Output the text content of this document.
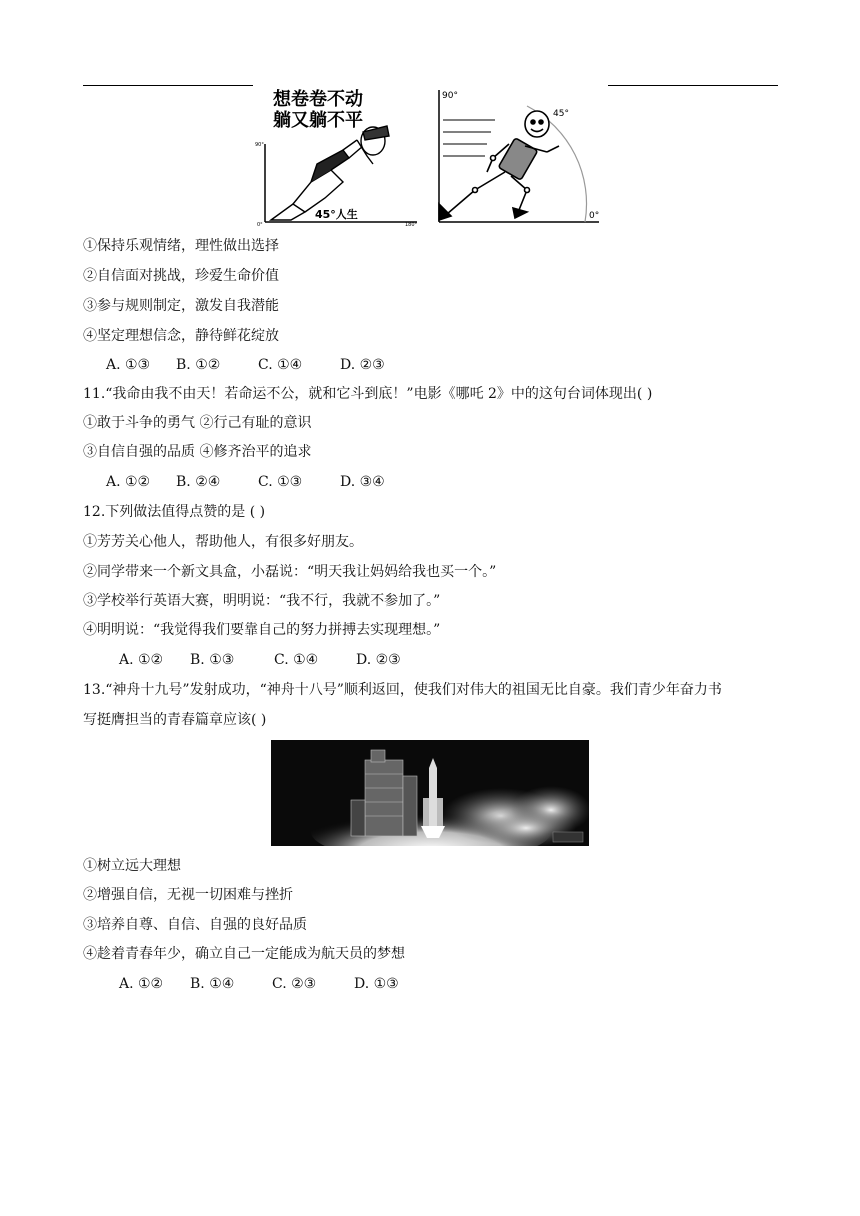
想卷卷不动
躺又躺不平
90°
0°	180°
45°人生
90°
45°
0°
①保持乐观情绪，理性做出选择
②自信面对挑战，珍爱生命价值
③参与规则制定，激发自我潜能
④坚定理想信念，静待鲜花绽放
A. ①③ B. ①②	C. ①④	D. ②③
11.“我命由我不由天！若命运不公，就和它斗到底！”电影《哪吒 2》中的这句台词体现出( )
①敢于斗争的勇气 ②行己有耻的意识
③自信自强的品质 ④修齐治平的追求
A. ①② B. ②④	C. ①③	D. ③④
12.下列做法值得点赞的是 ( )
①芳芳关心他人，帮助他人，有很多好朋友。
②同学带来一个新文具盒，小磊说：“明天我让妈妈给我也买一个。”
③学校举行英语大赛，明明说：“我不行，我就不参加了。”
④明明说：“我觉得我们要靠自己的努力拼搏去实现理想。”
A. ①② B. ①③	C. ①④	D. ②③
13.“神舟十九号”发射成功，“神舟十八号”顺利返回，使我们对伟大的祖国无比自豪。我们青少年奋力书
写挺膺担当的青春篇章应该( )
①树立远大理想
②增强自信，无视一切困难与挫折
③培养自尊、自信、自强的良好品质
④趁着青春年少，确立自己一定能成为航天员的梦想
A. ①② B. ①④	C. ②③	D. ①③
